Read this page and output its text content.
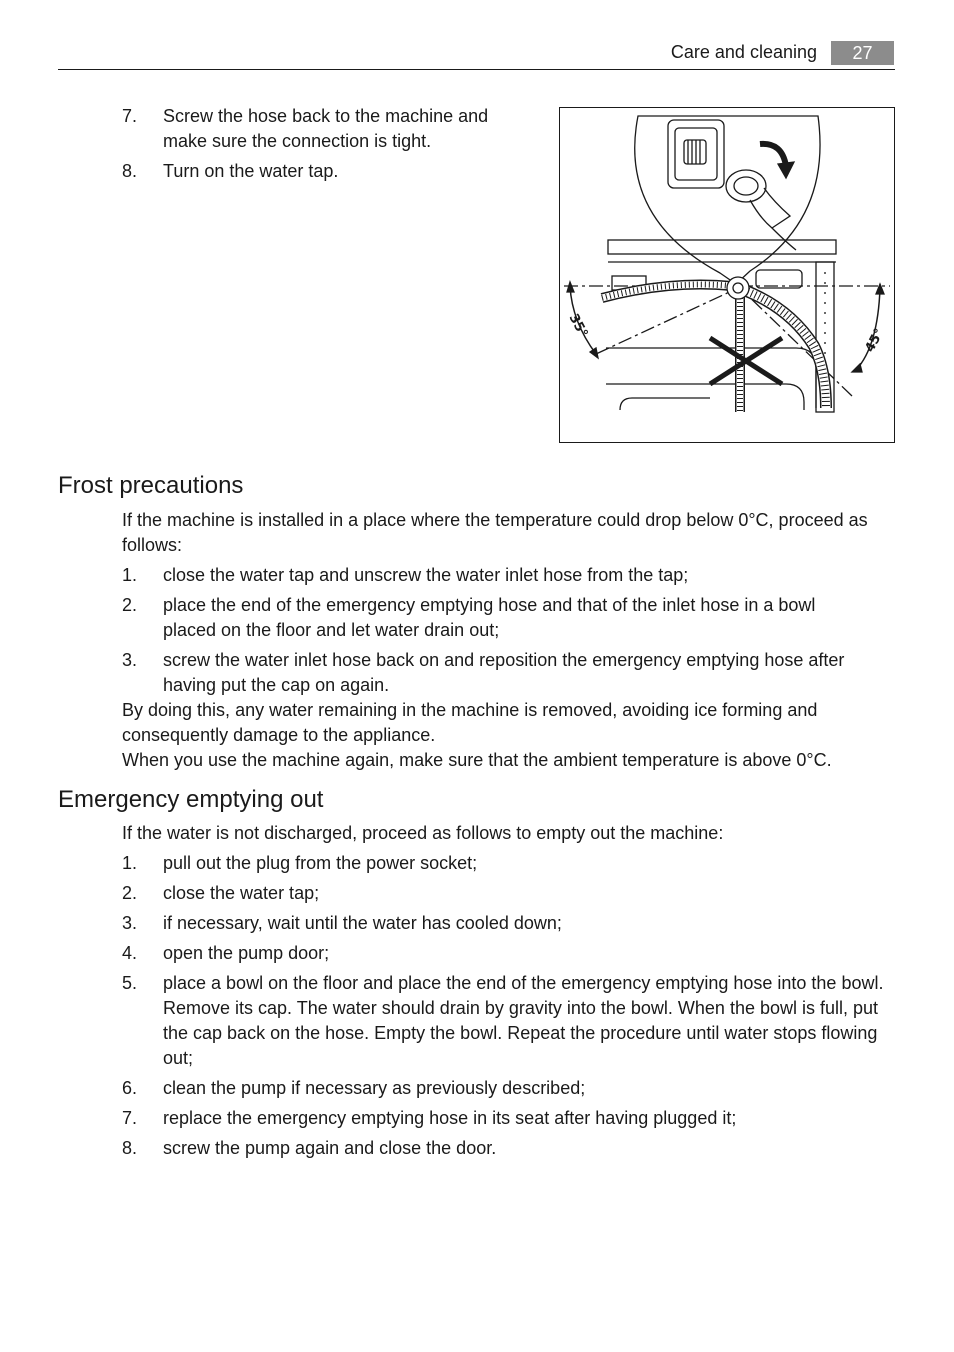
Care and cleaning	27
7.	Screw the hose back to the machine and make sure the connection is tight.
8.	Turn on the water tap.
35°
45°
Frost precautions
If the machine is installed in a place where the temperature could drop below 0°C, proceed as follows:
1.	close the water tap and unscrew the water inlet hose from the tap;
2.	place the end of the emergency emptying hose and that of the inlet hose in a bowl placed on the floor and let water drain out;
3.	screw the water inlet hose back on and reposition the emergency emptying hose after having put the cap on again.
By doing this, any water remaining in the machine is removed, avoiding ice forming and consequently damage to the appliance.
When you use the machine again, make sure that the ambient temperature is above 0°C.
Emergency emptying out
If the water is not discharged, proceed as follows to empty out the machine:
1.	pull out the plug from the power socket;
2.	close the water tap;
3.	if necessary, wait until the water has cooled down;
4.	open the pump door;
5.	place a bowl on the floor and place the end of the emergency emptying hose into the bowl. Remove its cap. The water should drain by gravity into the bowl. When the bowl is full, put the cap back on the hose. Empty the bowl. Repeat the procedure until water stops flowing out;
6.	clean the pump if necessary as previously described;
7.	replace the emergency emptying hose in its seat after having plugged it;
8.	screw the pump again and close the door.
